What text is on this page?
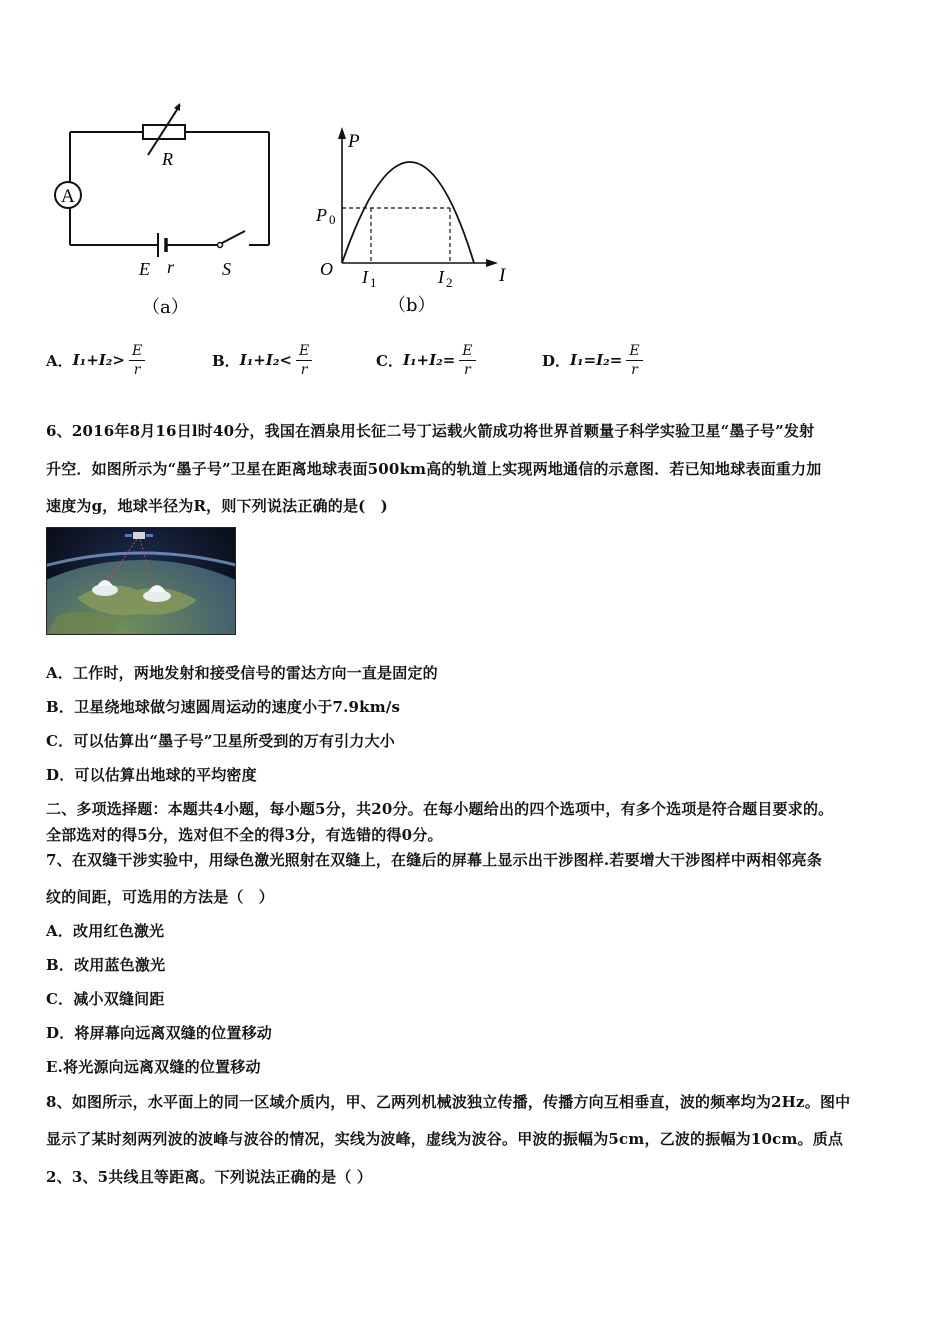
A
R
E r	S
（a）
P
P 0
O I 1	I 2 I
（b）
A． $I_1+I_2> \frac{E}{r}$	B． $I_1+I_2< \frac{E}{r}$	C． $I_1+I_2= \frac{E}{r}$	D． $I_1=I_2= \frac{E}{r}$
6、2016年8月16日l时40分，我国在酒泉用长征二号丁运载火箭成功将世界首颗量子科学实验卫星“墨子号”发射
升空．如图所示为“墨子号”卫星在距离地球表面500km高的轨道上实现两地通信的示意图．若已知地球表面重力加
速度为g，地球半径为R，则下列说法正确的是(　)
A．工作时，两地发射和接受信号的雷达方向一直是固定的
B．卫星绕地球做匀速圆周运动的速度小于7.9km/s
C．可以估算出“墨子号”卫星所受到的万有引力大小
D．可以估算出地球的平均密度
二、多项选择题：本题共4小题，每小题5分，共20分。在每小题给出的四个选项中，有多个选项是符合题目要求的。
全部选对的得5分，选对但不全的得3分，有选错的得0分。
7、在双缝干涉实验中，用绿色激光照射在双缝上，在缝后的屏幕上显示出干涉图样.若要增大干涉图样中两相邻亮条
纹的间距，可选用的方法是（　）
A．改用红色激光
B．改用蓝色激光
C．减小双缝间距
D．将屏幕向远离双缝的位置移动
E.将光源向远离双缝的位置移动
8、如图所示，水平面上的同一区域介质内，甲、乙两列机械波独立传播，传播方向互相垂直，波的频率均为2Hz。图中
显示了某时刻两列波的波峰与波谷的情况，实线为波峰，虚线为波谷。甲波的振幅为5cm，乙波的振幅为10cm。质点
2、3、5共线且等距离。下列说法正确的是（ ）
